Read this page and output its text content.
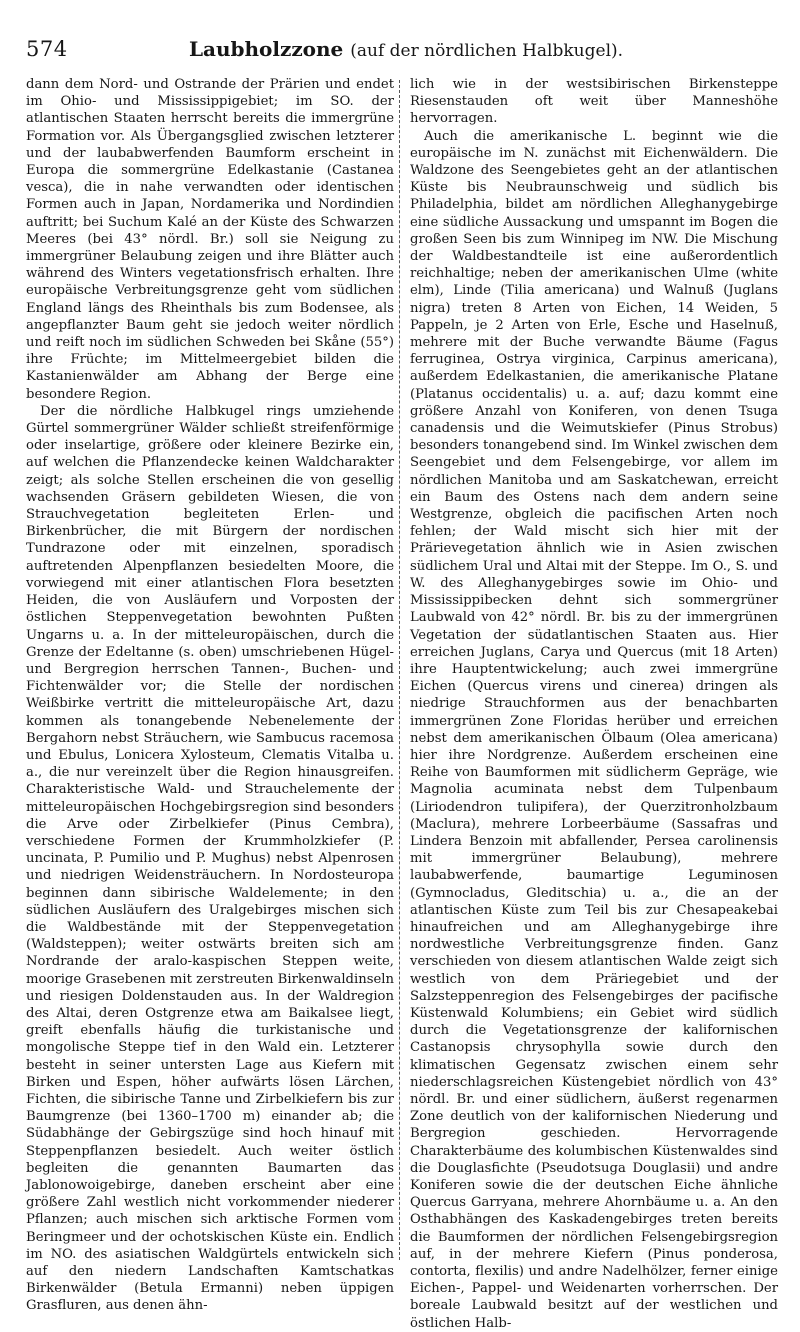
574	Laubholzzone (auf der nördlichen Halbkugel).

dann dem Nord- und Ostrande der Prärien und endet im Ohio- und Mississippigebiet; im SO. der atlantischen Staaten herrscht bereits die immergrüne Formation vor. Als Übergangsglied zwischen letzterer und der laubabwerfenden Baumform erscheint in Europa die sommergrüne Edelkastanie (Castanea vesca), die in nahe verwandten oder identischen Formen auch in Japan, Nordamerika und Nordindien auftritt; bei Suchum Kalé an der Küste des Schwarzen Meeres (bei 43° nördl. Br.) soll sie Neigung zu immergrüner Belaubung zeigen und ihre Blätter auch während des Winters vegetationsfrisch erhalten. Ihre europäische Verbreitungsgrenze geht vom südlichen England längs des Rheinthals bis zum Bodensee, als angepflanzter Baum geht sie jedoch weiter nördlich und reift noch im südlichen Schweden bei Skåne (55°) ihre Früchte; im Mittelmeergebiet bilden die Kastanienwälder am Abhang der Berge eine besondere Region.

Der die nördliche Halbkugel rings umziehende Gürtel sommergrüner Wälder schließt streifenförmige oder inselartige, größere oder kleinere Bezirke ein, auf welchen die Pflanzendecke keinen Waldcharakter zeigt; als solche Stellen erscheinen die von gesellig wachsenden Gräsern gebildeten Wiesen, die von Strauchvegetation begleiteten Erlen- und Birkenbrücher, die mit Bürgern der nordischen Tundrazone oder mit einzelnen, sporadisch auftretenden Alpenpflanzen besiedelten Moore, die vorwiegend mit einer atlantischen Flora besetzten Heiden, die von Ausläufern und Vorposten der östlichen Steppenvegetation bewohnten Pußten Ungarns u. a. In der mitteleuropäischen, durch die Grenze der Edeltanne (s. oben) umschriebenen Hügel- und Bergregion herrschen Tannen-, Buchen- und Fichtenwälder vor; die Stelle der nordischen Weißbirke vertritt die mitteleuropäische Art, dazu kommen als tonangebende Nebenelemente der Bergahorn nebst Sträuchern, wie Sambucus racemosa und Ebulus, Lonicera Xylosteum, Clematis Vitalba u. a., die nur vereinzelt über die Region hinausgreifen. Charakteristische Wald- und Strauchelemente der mitteleuropäischen Hochgebirgsregion sind besonders die Arve oder Zirbelkiefer (Pinus Cembra), verschiedene Formen der Krummholzkiefer (P. uncinata, P. Pumilio und P. Mughus) nebst Alpenrosen und niedrigen Weidensträuchern. In Nordosteuropa beginnen dann sibirische Waldelemente; in den südlichen Ausläufern des Uralgebirges mischen sich die Waldbestände mit der Steppenvegetation (Waldsteppen); weiter ostwärts breiten sich am Nordrande der aralo-kaspischen Steppen weite, moorige Grasebenen mit zerstreuten Birkenwaldinseln und riesigen Doldenstauden aus. In der Waldregion des Altai, deren Ostgrenze etwa am Baikalsee liegt, greift ebenfalls häufig die turkistanische und mongolische Steppe tief in den Wald ein. Letzterer besteht in seiner untersten Lage aus Kiefern mit Birken und Espen, höher aufwärts lösen Lärchen, Fichten, die sibirische Tanne und Zirbelkiefern bis zur Baumgrenze (bei 1360–1700 m) einander ab; die Südabhänge der Gebirgszüge sind hoch hinauf mit Steppenpflanzen besiedelt. Auch weiter östlich begleiten die genannten Baumarten das Jablonowoigebirge, daneben erscheint aber eine größere Zahl westlich nicht vorkommender niederer Pflanzen; auch mischen sich arktische Formen vom Beringmeer und der ochotskischen Küste ein. Endlich im NO. des asiatischen Waldgürtels entwickeln sich auf den niedern Landschaften Kamtschatkas Birkenwälder (Betula Ermanni) neben üppigen Grasfluren, aus denen ähn-

lich wie in der westsibirischen Birkensteppe Riesenstauden oft weit über Manneshöhe hervorragen.

Auch die amerikanische L. beginnt wie die europäische im N. zunächst mit Eichenwäldern. Die Waldzone des Seengebietes geht an der atlantischen Küste bis Neubraunschweig und südlich bis Philadelphia, bildet am nördlichen Alleghanygebirge eine südliche Aussackung und umspannt im Bogen die großen Seen bis zum Winnipeg im NW. Die Mischung der Waldbestandteile ist eine außerordentlich reichhaltige; neben der amerikanischen Ulme (white elm), Linde (Tilia americana) und Walnuß (Juglans nigra) treten 8 Arten von Eichen, 14 Weiden, 5 Pappeln, je 2 Arten von Erle, Esche und Haselnuß, mehrere mit der Buche verwandte Bäume (Fagus ferruginea, Ostrya virginica, Carpinus americana), außerdem Edelkastanien, die amerikanische Platane (Platanus occidentalis) u. a. auf; dazu kommt eine größere Anzahl von Koniferen, von denen Tsuga canadensis und die Weimutskiefer (Pinus Strobus) besonders tonangebend sind. Im Winkel zwischen dem Seengebiet und dem Felsengebirge, vor allem im nördlichen Manitoba und am Saskatchewan, erreicht ein Baum des Ostens nach dem andern seine Westgrenze, obgleich die pacifischen Arten noch fehlen; der Wald mischt sich hier mit der Prärievegetation ähnlich wie in Asien zwischen südlichem Ural und Altai mit der Steppe. Im O., S. und W. des Alleghanygebirges sowie im Ohio- und Mississippibecken dehnt sich sommergrüner Laubwald von 42° nördl. Br. bis zu der immergrünen Vegetation der südatlantischen Staaten aus. Hier erreichen Juglans, Carya und Quercus (mit 18 Arten) ihre Hauptentwickelung; auch zwei immergrüne Eichen (Quercus virens und cinerea) dringen als niedrige Strauchformen aus der benachbarten immergrünen Zone Floridas herüber und erreichen nebst dem amerikanischen Ölbaum (Olea americana) hier ihre Nordgrenze. Außerdem erscheinen eine Reihe von Baumformen mit südlicherm Gepräge, wie Magnolia acuminata nebst dem Tulpenbaum (Liriodendron tulipifera), der Querzitronholzbaum (Maclura), mehrere Lorbeerbäume (Sassafras und Lindera Benzoin mit abfallender, Persea carolinensis mit immergrüner Belaubung), mehrere laubabwerfende, baumartige Leguminosen (Gymnocladus, Gleditschia) u. a., die an der atlantischen Küste zum Teil bis zur Chesapeakebai hinaufreichen und am Alleghanygebirge ihre nordwestliche Verbreitungsgrenze finden. Ganz verschieden von diesem atlantischen Walde zeigt sich westlich von dem Präriegebiet und der Salzsteppenregion des Felsengebirges der pacifische Küstenwald Kolumbiens; ein Gebiet wird südlich durch die Vegetationsgrenze der kalifornischen Castanopsis chrysophylla sowie durch den klimatischen Gegensatz zwischen einem sehr niederschlagsreichen Küstengebiet nördlich von 43° nördl. Br. und einer südlichern, äußerst regenarmen Zone deutlich von der kalifornischen Niederung und Bergregion geschieden. Hervorragende Charakterbäume des kolumbischen Küstenwaldes sind die Douglasfichte (Pseudotsuga Douglasii) und andre Koniferen sowie die der deutschen Eiche ähnliche Quercus Garryana, mehrere Ahornbäume u. a. An den Osthabhängen des Kaskadengebirges treten bereits die Baumformen der nördlichen Felsengebirgsregion auf, in der mehrere Kiefern (Pinus ponderosa, contorta, flexilis) und andre Nadelhölzer, ferner einige Eichen-, Pappel- und Weidenarten vorherrschen. Der boreale Laubwald besitzt auf der westlichen und östlichen Halb-
